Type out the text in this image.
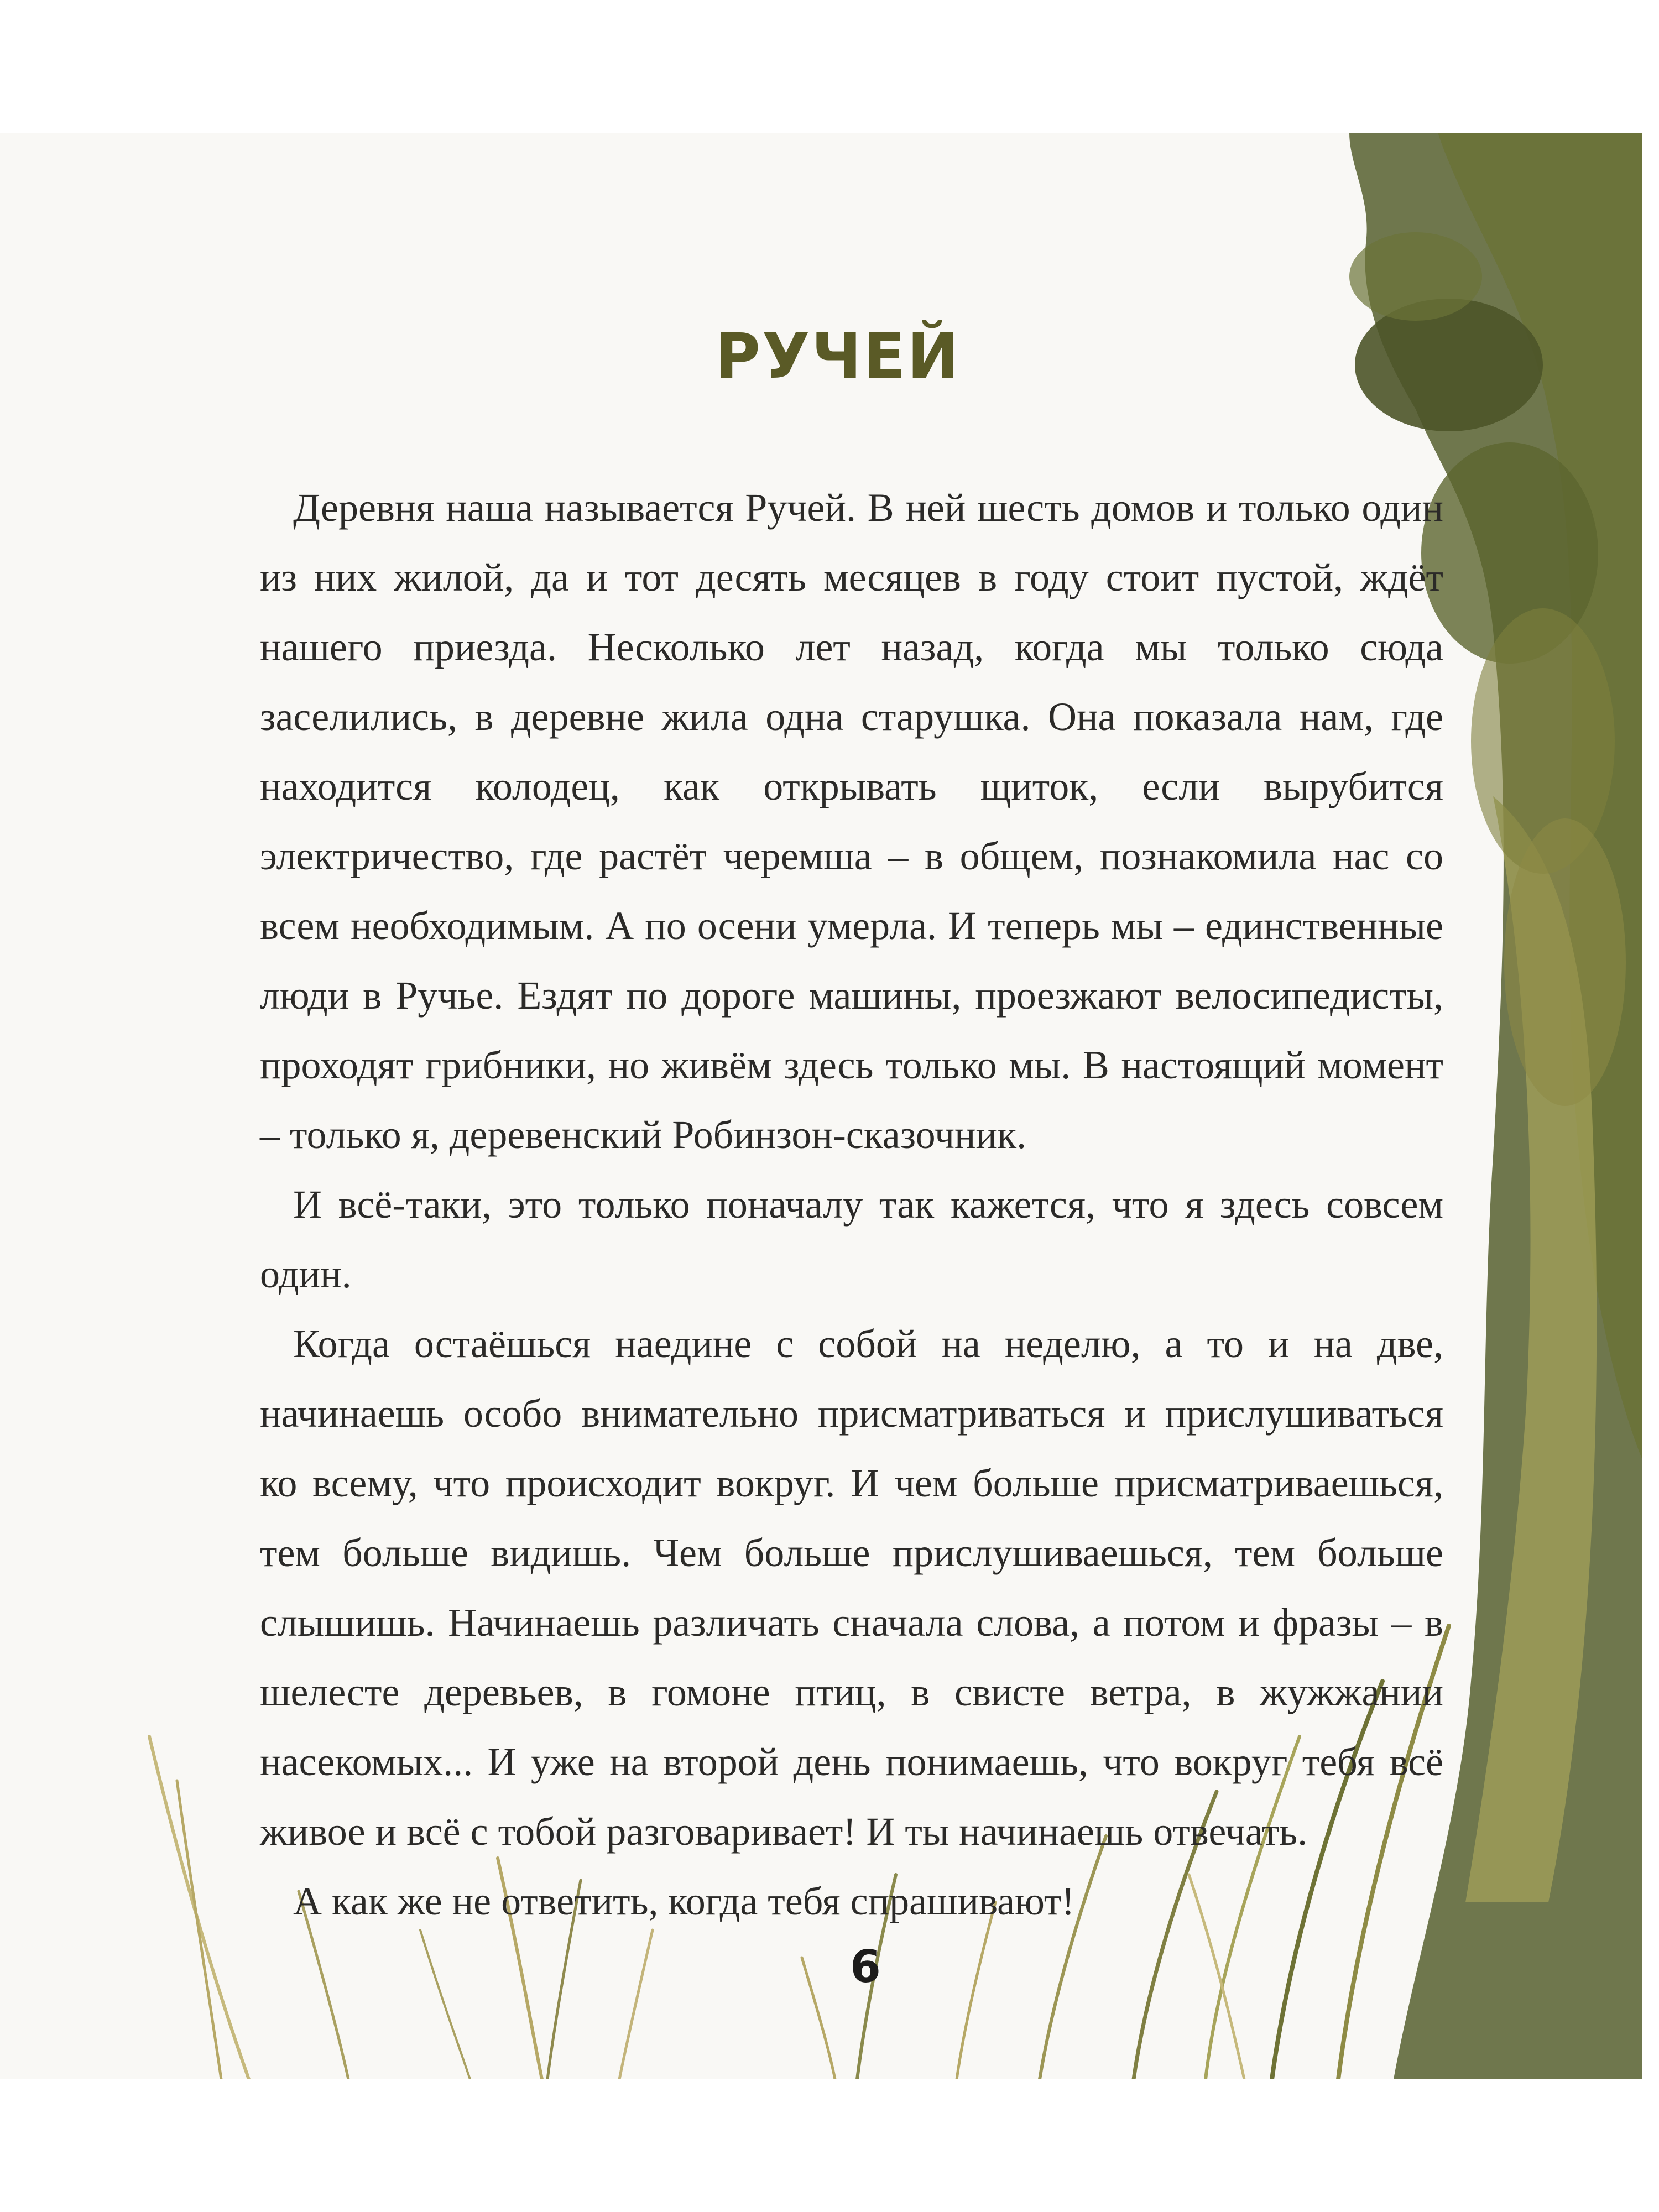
РУЧЕЙ

Деревня наша называется Ручей. В ней шесть домов и только один из них жилой, да и тот десять месяцев в году стоит пустой, ждёт нашего приезда. Несколько лет назад, когда мы только сюда заселились, в деревне жила одна старушка. Она показала нам, где находится колодец, как открывать щиток, если вырубится электричество, где растёт черемша – в общем, познакомила нас со всем необходимым. А по осени умерла. И теперь мы – единственные люди в Ручье. Ездят по дороге машины, проезжают велосипедисты, проходят грибники, но живём здесь только мы. В настоящий момент – только я, деревенский Робинзон-сказочник.

И всё-таки, это только поначалу так кажется, что я здесь совсем один.

Когда остаёшься наедине с собой на неделю, а то и на две, начинаешь особо внимательно присматриваться и прислушиваться ко всему, что происходит вокруг. И чем больше присматриваешься, тем больше видишь. Чем больше прислушиваешься, тем больше слышишь. Начинаешь различать сначала слова, а потом и фразы – в шелесте деревьев, в гомоне птиц, в свисте ветра, в жужжании насекомых... И уже на второй день понимаешь, что вокруг тебя всё живое и всё с тобой разговаривает! И ты начинаешь отвечать.

А как же не ответить, когда тебя спрашивают!

6
